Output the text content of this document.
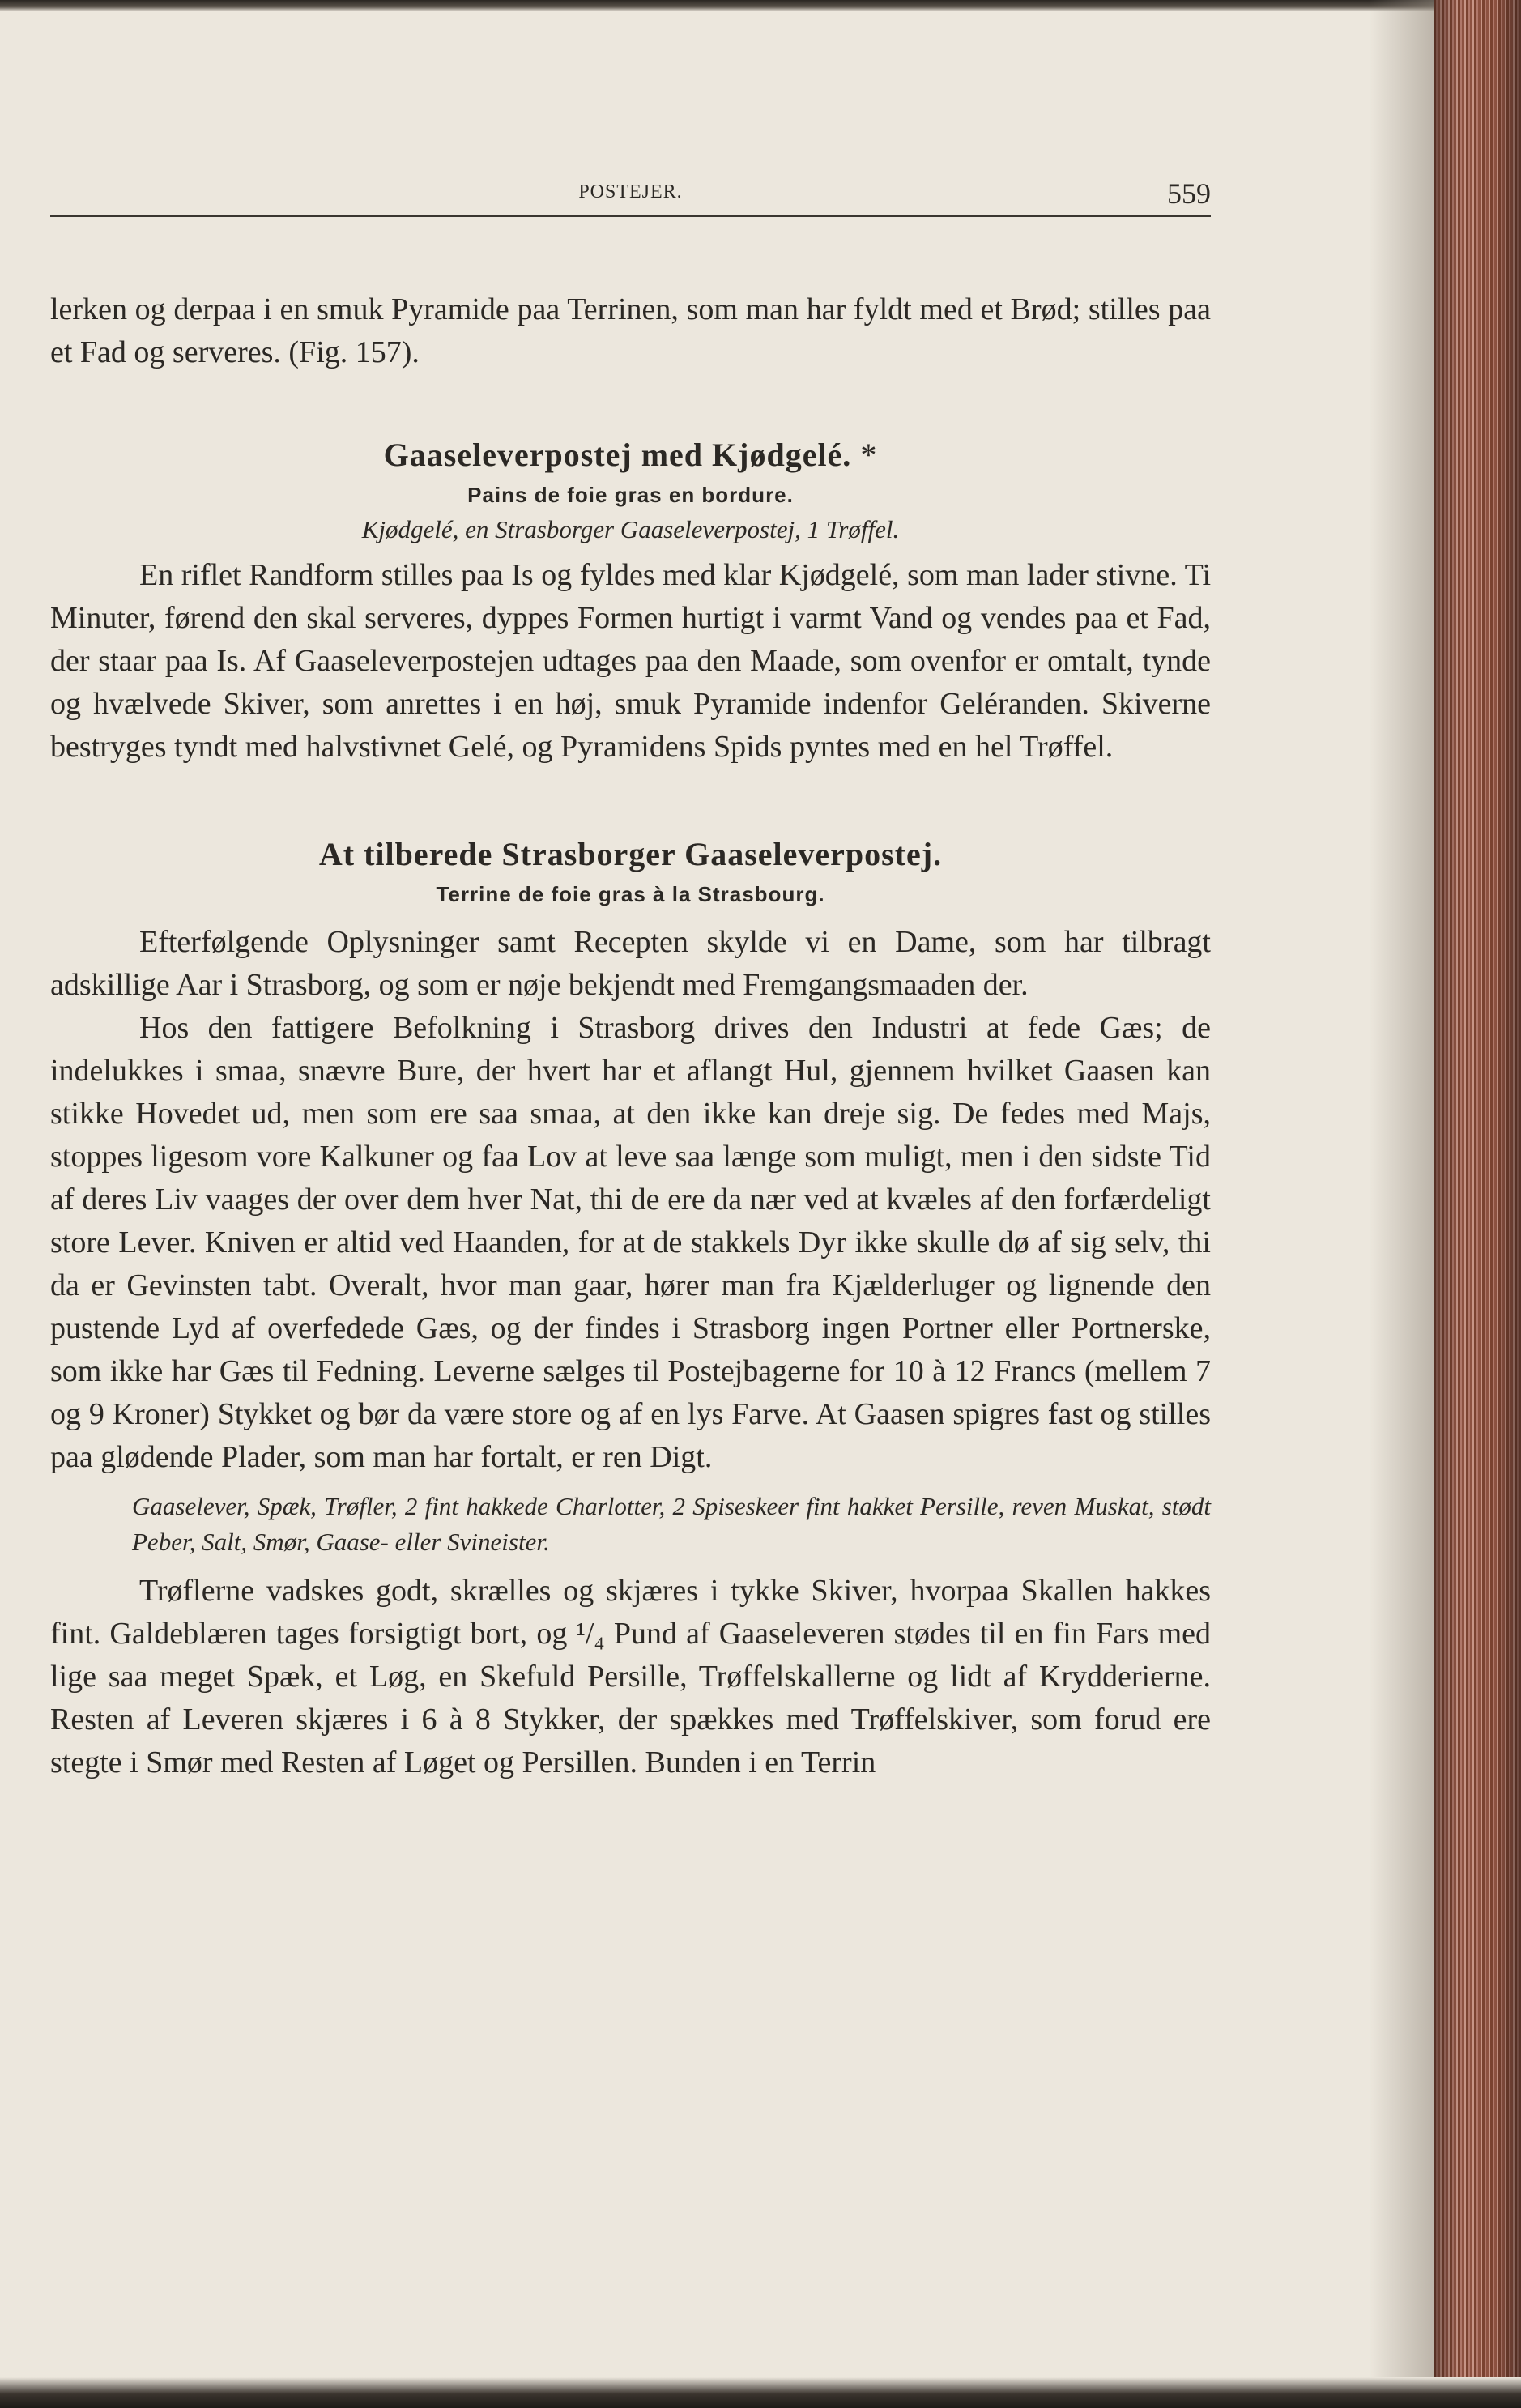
POSTEJER.	559

lerken og derpaa i en smuk Pyramide paa Terrinen, som man har fyldt med et Brød; stilles paa et Fad og serveres. (Fig. 157).

Gaaseleverpostej med Kjødgelé. *
Pains de foie gras en bordure.
Kjødgelé, en Strasborger Gaaseleverpostej, 1 Trøffel.

En riflet Randform stilles paa Is og fyldes med klar Kjødgelé, som man lader stivne. Ti Minuter, førend den skal serveres, dyppes Formen hurtigt i varmt Vand og vendes paa et Fad, der staar paa Is. Af Gaaseleverpostejen udtages paa den Maade, som ovenfor er omtalt, tynde og hvælvede Skiver, som anrettes i en høj, smuk Pyramide indenfor Geléranden. Skiverne bestryges tyndt med halvstivnet Gelé, og Pyramidens Spids pyntes med en hel Trøffel.

At tilberede Strasborger Gaaseleverpostej.
Terrine de foie gras à la Strasbourg.

Efterfølgende Oplysninger samt Recepten skylde vi en Dame, som har tilbragt adskillige Aar i Strasborg, og som er nøje bekjendt med Fremgangsmaaden der.

Hos den fattigere Befolkning i Strasborg drives den Industri at fede Gæs; de indelukkes i smaa, snævre Bure, der hvert har et aflangt Hul, gjennem hvilket Gaasen kan stikke Hovedet ud, men som ere saa smaa, at den ikke kan dreje sig. De fedes med Majs, stoppes ligesom vore Kalkuner og faa Lov at leve saa længe som muligt, men i den sidste Tid af deres Liv vaages der over dem hver Nat, thi de ere da nær ved at kvæles af den forfærdeligt store Lever. Kniven er altid ved Haanden, for at de stakkels Dyr ikke skulle dø af sig selv, thi da er Gevinsten tabt. Overalt, hvor man gaar, hører man fra Kjælderluger og lignende den pustende Lyd af overfedede Gæs, og der findes i Strasborg ingen Portner eller Portnerske, som ikke har Gæs til Fedning. Leverne sælges til Postejbagerne for 10 à 12 Francs (mellem 7 og 9 Kroner) Stykket og bør da være store og af en lys Farve. At Gaasen spigres fast og stilles paa glødende Plader, som man har fortalt, er ren Digt.

Gaaselever, Spæk, Trøfler, 2 fint hakkede Charlotter, 2 Spiseskeer fint hakket Persille, reven Muskat, stødt Peber, Salt, Smør, Gaase- eller Svineister.

Trøflerne vadskes godt, skrælles og skjæres i tykke Skiver, hvorpaa Skallen hakkes fint. Galdeblæren tages forsigtigt bort, og ¹/₄ Pund af Gaaseleveren stødes til en fin Fars med lige saa meget Spæk, et Løg, en Skefuld Persille, Trøffelskallerne og lidt af Krydderierne. Resten af Leveren skjæres i 6 à 8 Stykker, der spækkes med Trøffelskiver, som forud ere stegte i Smør med Resten af Løget og Persillen. Bunden i en Terrin
